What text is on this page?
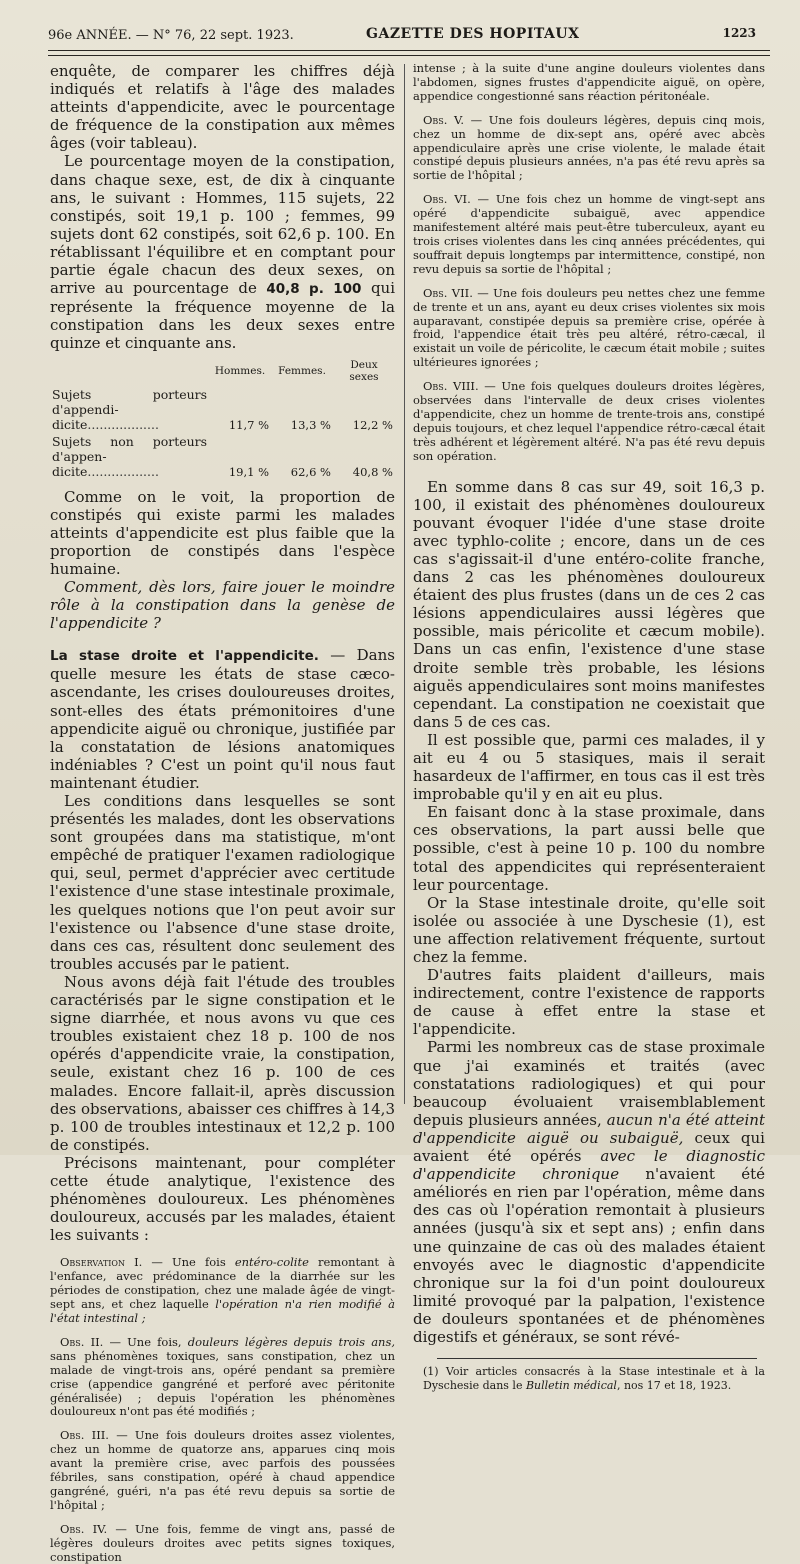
96e ANNÉE. — N° 76, 22 sept. 1923.	GAZETTE DES HOPITAUX	1223

enquête, de comparer les chiffres déjà indiqués et relatifs à l'âge des malades atteints d'appendicite, avec le pourcentage de fréquence de la constipation aux mêmes âges (voir tableau).

Le pourcentage moyen de la constipation, dans chaque sexe, est, de dix à cinquante ans, le suivant : Hommes, 115 sujets, 22 constipés, soit 19,1 p. 100 ; femmes, 99 sujets dont 62 constipés, soit 62,6 p. 100. En rétablissant l'équilibre et en comptant pour partie égale chacun des deux sexes, on arrive au pourcentage de 40,8 p. 100 qui représente la fréquence moyenne de la constipation dans les deux sexes entre quinze et cinquante ans.

	Hommes.	Femmes.	Deux sexes

Sujets porteurs d'appendi-
dicite..................	11,7 %	13,3 %	12,2 %

Sujets non porteurs d'appen-
dicite..................	19,1 %	62,6 %	40,8 %

Comme on le voit, la proportion de constipés qui existe parmi les malades atteints d'appendicite est plus faible que la proportion de constipés dans l'espèce humaine.

Comment, dès lors, faire jouer le moindre rôle à la constipation dans la genèse de l'appendicite ?

La stase droite et l'appendicite. — Dans quelle mesure les états de stase cæco-ascendante, les crises douloureuses droites, sont-elles des états prémonitoires d'une appendicite aiguë ou chronique, justifiée par la constatation de lésions anatomiques indéniables ? C'est un point qu'il nous faut maintenant étudier.

Les conditions dans lesquelles se sont présentés les malades, dont les observations sont groupées dans ma statistique, m'ont empêché de pratiquer l'examen radiologique qui, seul, permet d'apprécier avec certitude l'existence d'une stase intestinale proximale, les quelques notions que l'on peut avoir sur l'existence ou l'absence d'une stase droite, dans ces cas, résultent donc seulement des troubles accusés par le patient.

Nous avons déjà fait l'étude des troubles caractérisés par le signe constipation et le signe diarrhée, et nous avons vu que ces troubles existaient chez 18 p. 100 de nos opérés d'appendicite vraie, la constipation, seule, existant chez 16 p. 100 de ces malades. Encore fallait-il, après discussion des observations, abaisser ces chiffres à 14,3 p. 100 de troubles intestinaux et 12,2 p. 100 de constipés.

Précisons maintenant, pour compléter cette étude analytique, l'existence des phénomènes douloureux. Les phénomènes douloureux, accusés par les malades, étaient les suivants :

Observation I. — Une fois entéro-colite remontant à l'enfance, avec prédominance de la diarrhée sur les périodes de constipation, chez une malade âgée de vingt-sept ans, et chez laquelle l'opération n'a rien modifié à l'état intestinal ;

Obs. II. — Une fois, douleurs légères depuis trois ans, sans phénomènes toxiques, sans constipation, chez un malade de vingt-trois ans, opéré pendant sa première crise (appendice gangréné et perforé avec péritonite généralisée) ; depuis l'opération les phénomènes douloureux n'ont pas été modifiés ;

Obs. III. — Une fois douleurs droites assez violentes, chez un homme de quatorze ans, apparues cinq mois avant la première crise, avec parfois des poussées fébriles, sans constipation, opéré à chaud appendice gangréné, guéri, n'a pas été revu depuis sa sortie de l'hôpital ;

Obs. IV. — Une fois, femme de vingt ans, passé de légères douleurs droites avec petits signes toxiques, constipation

intense ; à la suite d'une angine douleurs violentes dans l'abdomen, signes frustes d'appendicite aiguë, on opère, appendice congestionné sans réaction péritonéale.

Obs. V. — Une fois douleurs légères, depuis cinq mois, chez un homme de dix-sept ans, opéré avec abcès appendiculaire après une crise violente, le malade était constipé depuis plusieurs années, n'a pas été revu après sa sortie de l'hôpital ;

Obs. VI. — Une fois chez un homme de vingt-sept ans opéré d'appendicite subaiguë, avec appendice manifestement altéré mais peut-être tuberculeux, ayant eu trois crises violentes dans les cinq années précédentes, qui souffrait depuis longtemps par intermittence, constipé, non revu depuis sa sortie de l'hôpital ;

Obs. VII. — Une fois douleurs peu nettes chez une femme de trente et un ans, ayant eu deux crises violentes six mois auparavant, constipée depuis sa première crise, opérée à froid, l'appendice était très peu altéré, rétro-cæcal, il existait un voile de péricolite, le cæcum était mobile ; suites ultérieures ignorées ;

Obs. VIII. — Une fois quelques douleurs droites légères, observées dans l'intervalle de deux crises violentes d'appendicite, chez un homme de trente-trois ans, constipé depuis toujours, et chez lequel l'appendice rétro-cæcal était très adhérent et légèrement altéré. N'a pas été revu depuis son opération.

En somme dans 8 cas sur 49, soit 16,3 p. 100, il existait des phénomènes douloureux pouvant évoquer l'idée d'une stase droite avec typhlo-colite ; encore, dans un de ces cas s'agissait-il d'une entéro-colite franche, dans 2 cas les phénomènes douloureux étaient des plus frustes (dans un de ces 2 cas lésions appendiculaires aussi légères que possible, mais péricolite et cæcum mobile). Dans un cas enfin, l'existence d'une stase droite semble très probable, les lésions aiguës appendiculaires sont moins manifestes cependant. La constipation ne coexistait que dans 5 de ces cas.

Il est possible que, parmi ces malades, il y ait eu 4 ou 5 stasiques, mais il serait hasardeux de l'affirmer, en tous cas il est très improbable qu'il y en ait eu plus.

En faisant donc à la stase proximale, dans ces observations, la part aussi belle que possible, c'est à peine 10 p. 100 du nombre total des appendicites qui représenteraient leur pourcentage.

Or la Stase intestinale droite, qu'elle soit isolée ou associée à une Dyschesie (1), est une affection relativement fréquente, surtout chez la femme.

D'autres faits plaident d'ailleurs, mais indirectement, contre l'existence de rapports de cause à effet entre la stase et l'appendicite.

Parmi les nombreux cas de stase proximale que j'ai examinés et traités (avec constatations radiologiques) et qui pour beaucoup évoluaient vraisemblablement depuis plusieurs années, aucun n'a été atteint d'appendicite aiguë ou subaiguë, ceux qui avaient été opérés avec le diagnostic d'appendicite chronique n'avaient été améliorés en rien par l'opération, même dans des cas où l'opération remontait à plusieurs années (jusqu'à six et sept ans) ; enfin dans une quinzaine de cas où des malades étaient envoyés avec le diagnostic d'appendicite chronique sur la foi d'un point douloureux limité provoqué par la palpation, l'existence de douleurs spontanées et de phénomènes digestifs et généraux, se sont révé-

(1) Voir articles consacrés à la Stase intestinale et à la Dyschesie dans le Bulletin médical, nos 17 et 18, 1923.
